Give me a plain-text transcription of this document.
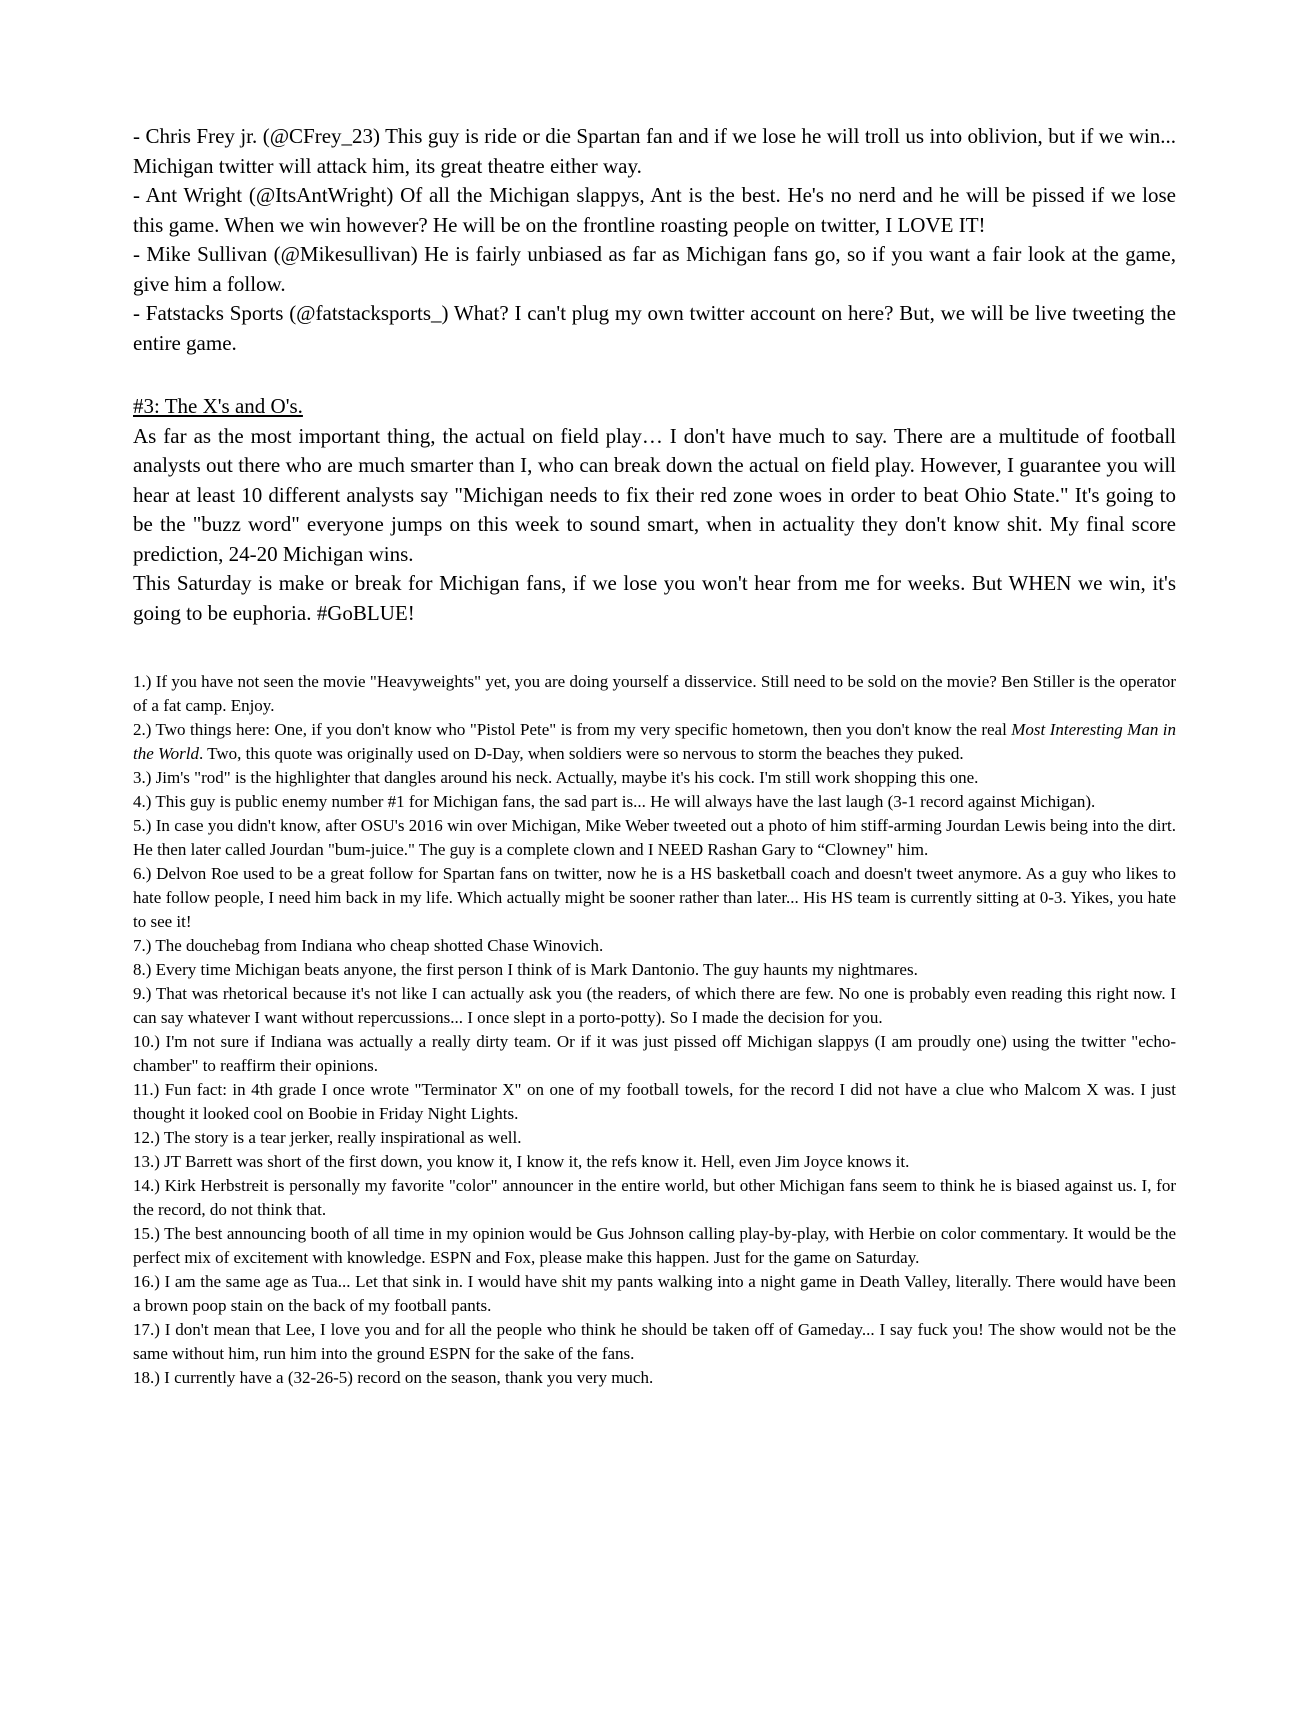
- Chris Frey jr. (@CFrey_23) This guy is ride or die Spartan fan and if we lose he will troll us into oblivion, but if we win... Michigan twitter will attack him, its great theatre either way.

- Ant Wright (@ItsAntWright) Of all the Michigan slappys, Ant is the best. He's no nerd and he will be pissed if we lose this game. When we win however? He will be on the frontline roasting people on twitter, I LOVE IT!

- Mike Sullivan (@Mikesullivan) He is fairly unbiased as far as Michigan fans go, so if you want a fair look at the game, give him a follow.

- Fatstacks Sports (@fatstacksports_) What? I can't plug my own twitter account on here? But, we will be live tweeting the entire game.

#3: The X's and O's.

As far as the most important thing, the actual on field play… I don't have much to say. There are a multitude of football analysts out there who are much smarter than I, who can break down the actual on field play. However, I guarantee you will hear at least 10 different analysts say "Michigan needs to fix their red zone woes in order to beat Ohio State." It's going to be the "buzz word" everyone jumps on this week to sound smart, when in actuality they don't know shit. My final score prediction, 24-20 Michigan wins.

This Saturday is make or break for Michigan fans, if we lose you won't hear from me for weeks. But WHEN we win, it's going to be euphoria. #GoBLUE!

1.) If you have not seen the movie "Heavyweights" yet, you are doing yourself a disservice. Still need to be sold on the movie? Ben Stiller is the operator of a fat camp. Enjoy.

2.) Two things here: One, if you don't know who "Pistol Pete" is from my very specific hometown, then you don't know the real Most Interesting Man in the World. Two, this quote was originally used on D-Day, when soldiers were so nervous to storm the beaches they puked.

3.) Jim's "rod" is the highlighter that dangles around his neck. Actually, maybe it's his cock. I'm still work shopping this one.

4.) This guy is public enemy number #1 for Michigan fans, the sad part is... He will always have the last laugh (3-1 record against Michigan).

5.) In case you didn't know, after OSU's 2016 win over Michigan, Mike Weber tweeted out a photo of him stiff-arming Jourdan Lewis being into the dirt. He then later called Jourdan "bum-juice." The guy is a complete clown and I NEED Rashan Gary to “Clowney" him.

6.) Delvon Roe used to be a great follow for Spartan fans on twitter, now he is a HS basketball coach and doesn't tweet anymore. As a guy who likes to hate follow people, I need him back in my life. Which actually might be sooner rather than later... His HS team is currently sitting at 0-3. Yikes, you hate to see it!

7.) The douchebag from Indiana who cheap shotted Chase Winovich.

8.) Every time Michigan beats anyone, the first person I think of is Mark Dantonio. The guy haunts my nightmares.

9.) That was rhetorical because it's not like I can actually ask you (the readers, of which there are few. No one is probably even reading this right now. I can say whatever I want without repercussions... I once slept in a porto-potty). So I made the decision for you.

10.) I'm not sure if Indiana was actually a really dirty team. Or if it was just pissed off Michigan slappys (I am proudly one) using the twitter "echo-chamber" to reaffirm their opinions.

11.) Fun fact: in 4th grade I once wrote "Terminator X" on one of my football towels, for the record I did not have a clue who Malcom X was. I just thought it looked cool on Boobie in Friday Night Lights.

12.) The story is a tear jerker, really inspirational as well.

13.) JT Barrett was short of the first down, you know it, I know it, the refs know it. Hell, even Jim Joyce knows it.

14.) Kirk Herbstreit is personally my favorite "color" announcer in the entire world, but other Michigan fans seem to think he is biased against us. I, for the record, do not think that.

15.) The best announcing booth of all time in my opinion would be Gus Johnson calling play-by-play, with Herbie on color commentary. It would be the perfect mix of excitement with knowledge. ESPN and Fox, please make this happen. Just for the game on Saturday.

16.) I am the same age as Tua... Let that sink in. I would have shit my pants walking into a night game in Death Valley, literally. There would have been a brown poop stain on the back of my football pants.

17.) I don't mean that Lee, I love you and for all the people who think he should be taken off of Gameday... I say fuck you! The show would not be the same without him, run him into the ground ESPN for the sake of the fans.

18.) I currently have a (32-26-5) record on the season, thank you very much.
